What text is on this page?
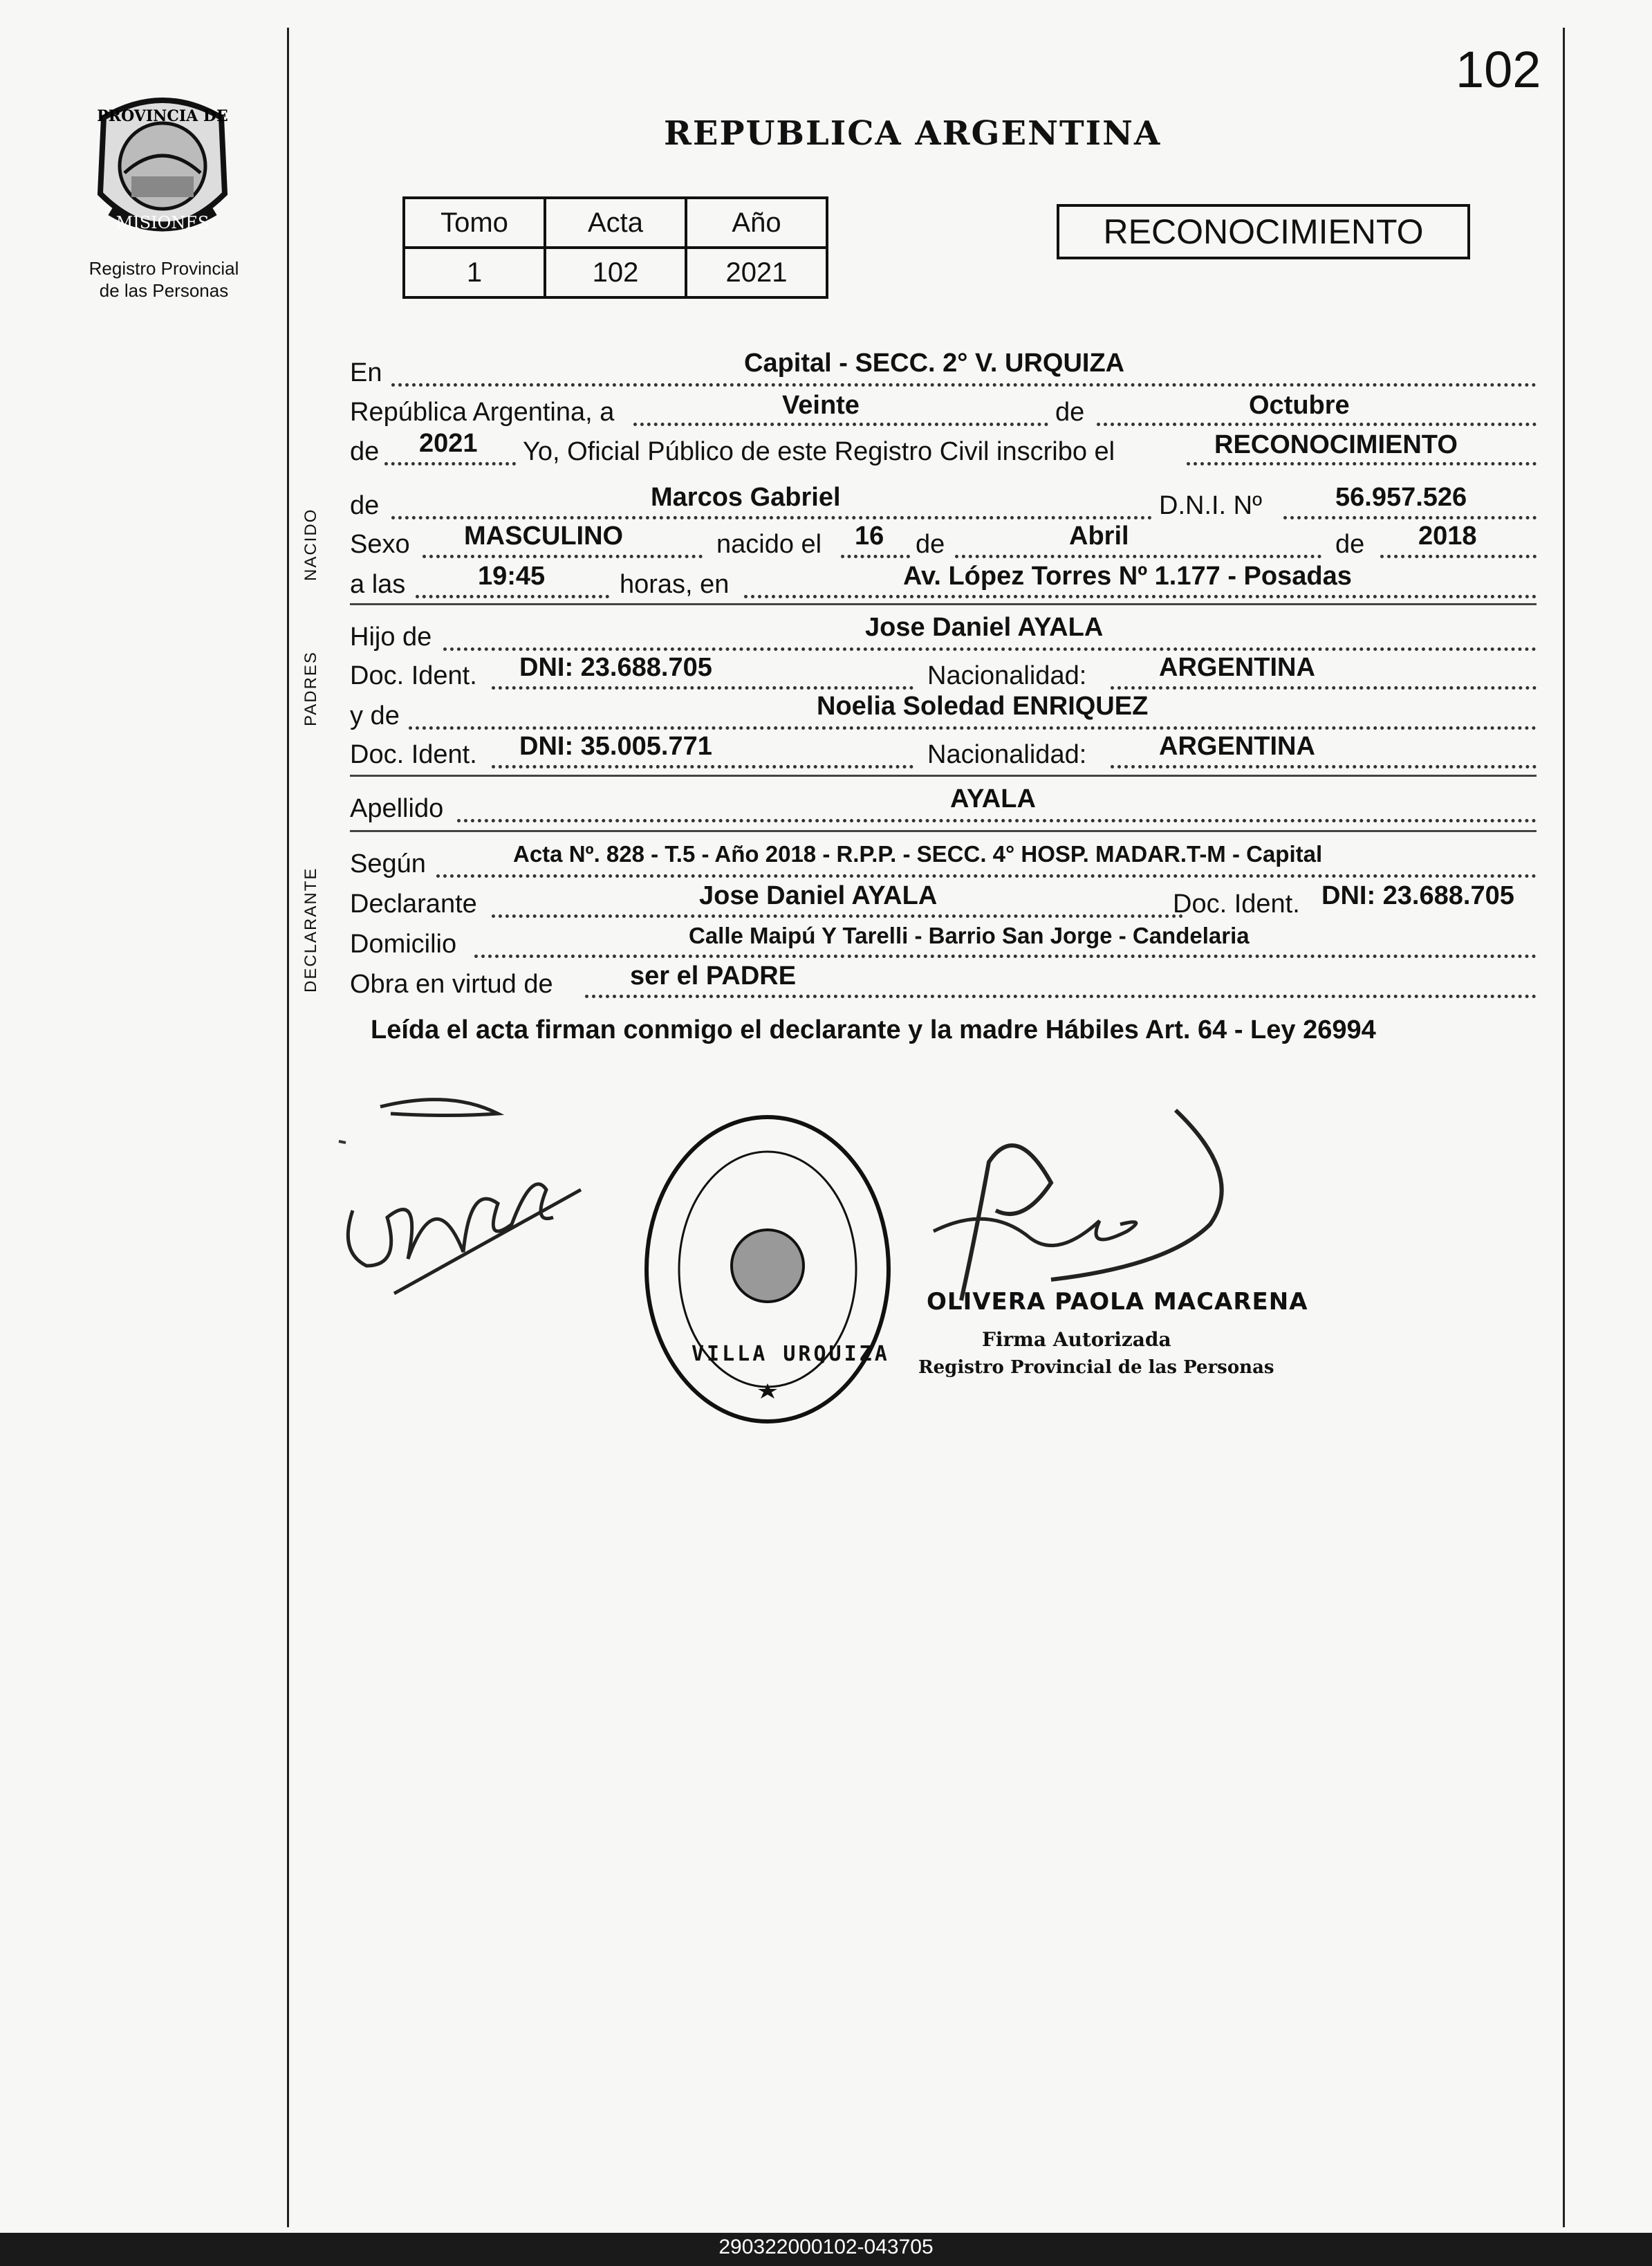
102
PROVINCIA DE
MISIONES
Registro Provincial
de las Personas
REPUBLICA ARGENTINA
Tomo	Acta	Año
1	102	2021
RECONOCIMIENTO
NACIDO
PADRES
DECLARANTE
En	Capital - SECC. 2° V. URQUIZA
República Argentina, a	Veinte	de	Octubre
de 2021 Yo, Oficial Público de este Registro Civil inscribo el	RECONOCIMIENTO
de	Marcos Gabriel	D.N.I. Nº	56.957.526
Sexo MASCULINO	nacido el 16 de	Abril	de 2018
a las	19:45	horas, en	Av. López Torres Nº 1.177 - Posadas
Hijo de	Jose Daniel AYALA
Doc. Ident. DNI: 23.688.705	Nacionalidad:	ARGENTINA
y de	Noelia Soledad ENRIQUEZ
Doc. Ident. DNI: 35.005.771	Nacionalidad:	ARGENTINA
Apellido	AYALA
Según	Acta Nº. 828 - T.5 - Año 2018 - R.P.P. - SECC. 4° HOSP. MADAR.T-M - Capital
Declarante	Jose Daniel AYALA	Doc. Ident. DNI: 23.688.705
Domicilio	Calle Maipú Y Tarelli - Barrio San Jorge - Candelaria
Obra en virtud de	ser el PADRE
Leída el acta firman conmigo el declarante y la madre Hábiles Art. 64 - Ley 26994
VILLA URQUIZA
OLIVERA PAOLA MACARENA
Firma Autorizada
Registro Provincial de las Personas
290322000102-043705
